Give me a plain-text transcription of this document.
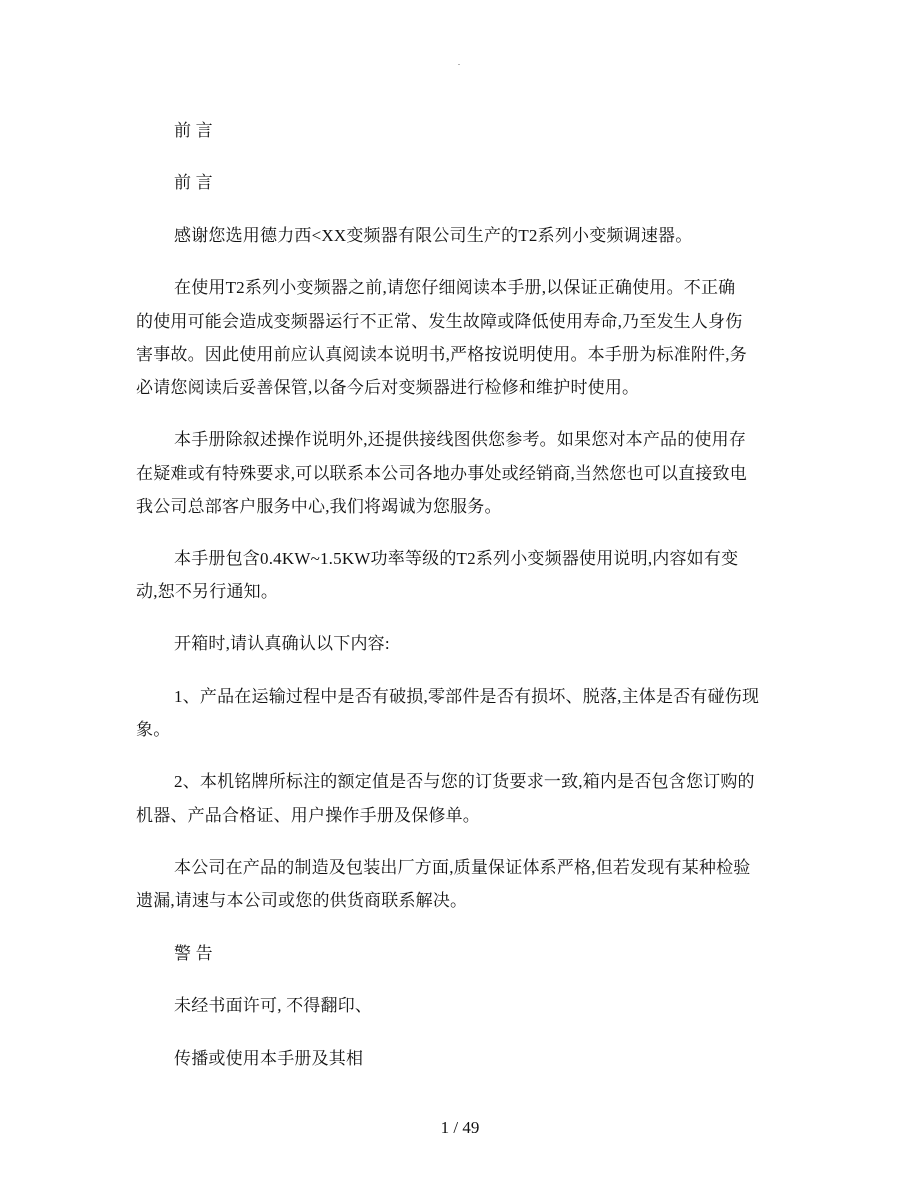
.
前 言
前 言
感谢您选用德力西<XX变频器有限公司生产的T2系列小变频调速器。
在使用T2系列小变频器之前,请您仔细阅读本手册,以保证正确使用。不正确
的使用可能会造成变频器运行不正常、发生故障或降低使用寿命,乃至发生人身伤
害事故。因此使用前应认真阅读本说明书,严格按说明使用。本手册为标准附件,务
必请您阅读后妥善保管,以备今后对变频器进行检修和维护时使用。
本手册除叙述操作说明外,还提供接线图供您参考。如果您对本产品的使用存
在疑难或有特殊要求,可以联系本公司各地办事处或经销商,当然您也可以直接致电
我公司总部客户服务中心,我们将竭诚为您服务。
本手册包含0.4KW~1.5KW功率等级的T2系列小变频器使用说明,内容如有变
动,恕不另行通知。
开箱时,请认真确认以下内容:
1、产品在运输过程中是否有破损,零部件是否有损坏、脱落,主体是否有碰伤现
象。
2、本机铭牌所标注的额定值是否与您的订货要求一致,箱内是否包含您订购的
机器、产品合格证、用户操作手册及保修单。
本公司在产品的制造及包装出厂方面,质量保证体系严格,但若发现有某种检验
遗漏,请速与本公司或您的供货商联系解决。
警 告
未经书面许可, 不得翻印、
传播或使用本手册及其相
1 / 49
